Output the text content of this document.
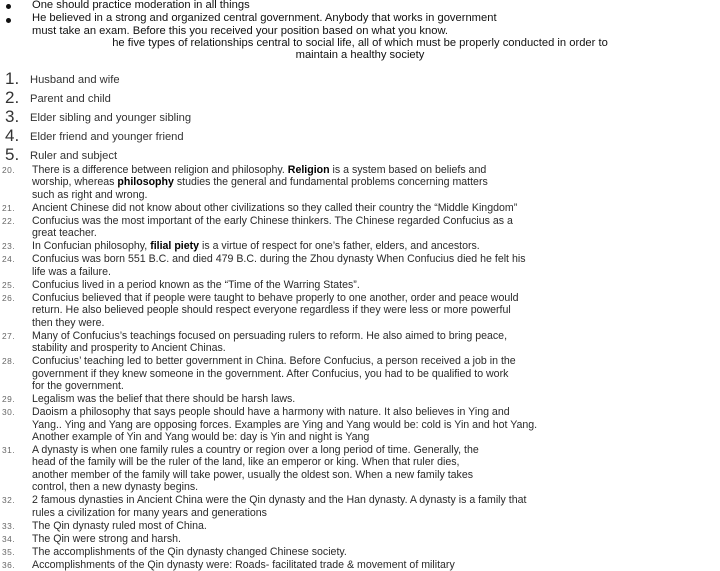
One should practice moderation in all things
He believed in a strong and organized central government. Anybody that works in government
must take an exam. Before this you received your position based on what you know.
he five types of relationships central to social life, all of which must be properly conducted in order to
maintain a healthy society
1. Husband and wife
2. Parent and child
3. Elder sibling and younger sibling
4. Elder friend and younger friend
5. Ruler and subject
20. There is a difference between religion and philosophy. Religion is a system based on beliefs and
worship, whereas philosophy studies the general and fundamental problems concerning matters
such as right and wrong.
21. Ancient Chinese did not know about other civilizations so they called their country the “Middle Kingdom”
22. Confucius was the most important of the early Chinese thinkers. The Chinese regarded Confucius as a
great teacher.
23. In Confucian philosophy, filial piety is a virtue of respect for one’s father, elders, and ancestors.
24. Confucius was born 551 B.C. and died 479 B.C. during the Zhou dynasty When Confucius died he felt his
life was a failure.
25. Confucius lived in a period known as the “Time of the Warring States”.
26. Confucius believed that if people were taught to behave properly to one another, order and peace would
return. He also believed people should respect everyone regardless if they were less or more powerful
then they were.
27. Many of Confucius’s teachings focused on persuading rulers to reform. He also aimed to bring peace,
stability and prosperity to Ancient Chinas.
28. Confucius’ teaching led to better government in China. Before Confucius, a person received a job in the
government if they knew someone in the government. After Confucius, you had to be qualified to work
for the government.
29. Legalism was the belief that there should be harsh laws.
30. Daoism a philosophy that says people should have a harmony with nature. It also believes in Ying and
Yang.. Ying and Yang are opposing forces. Examples are Ying and Yang would be: cold is Yin and hot Yang.
Another example of Yin and Yang would be: day is Yin and night is Yang
31. A dynasty is when one family rules a country or region over a long period of time. Generally, the
head of the family will be the ruler of the land, like an emperor or king. When that ruler dies,
another member of the family will take power, usually the oldest son. When a new family takes
control, then a new dynasty begins.
32. 2 famous dynasties in Ancient China were the Qin dynasty and the Han dynasty. A dynasty is a family that
rules a civilization for many years and generations
33. The Qin dynasty ruled most of China.
34. The Qin were strong and harsh.
35. The accomplishments of the Qin dynasty changed Chinese society.
36. Accomplishments of the Qin dynasty were: Roads- facilitated trade & movement of military
